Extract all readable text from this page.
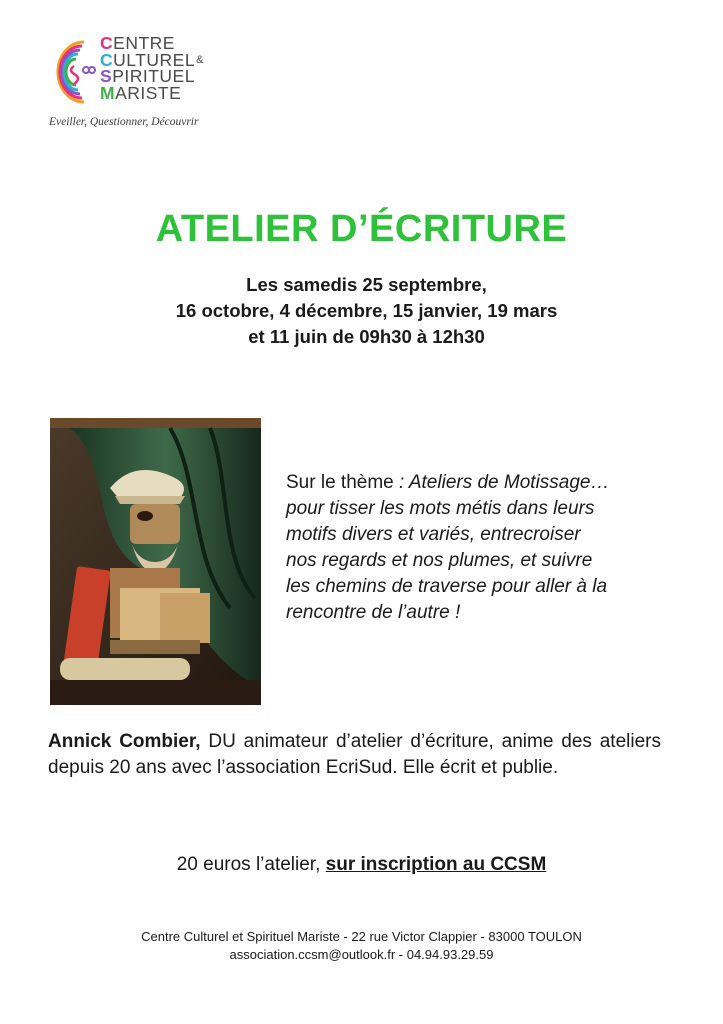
CENTRE
CULTUREL&
SPIRITUEL
MARISTE
Eveiller, Questionner, Découvrir
ATELIER D’ÉCRITURE
Les samedis 25 septembre,
16 octobre, 4 décembre, 15 janvier, 19 mars
et 11 juin de 09h30 à 12h30
Sur le thème : Ateliers de Motissage…
pour tisser les mots métis dans leurs
motifs divers et variés, entrecroiser
nos regards et nos plumes, et suivre
les chemins de traverse pour aller à la
rencontre de l’autre !
Annick Combier, DU animateur d’atelier d’écriture, anime des ateliers depuis 20 ans avec l’association EcriSud. Elle écrit et publie.
20 euros l’atelier, sur inscription au CCSM
Centre Culturel et Spirituel Mariste - 22 rue Victor Clappier - 83000 TOULON
association.ccsm@outlook.fr - 04.94.93.29.59
